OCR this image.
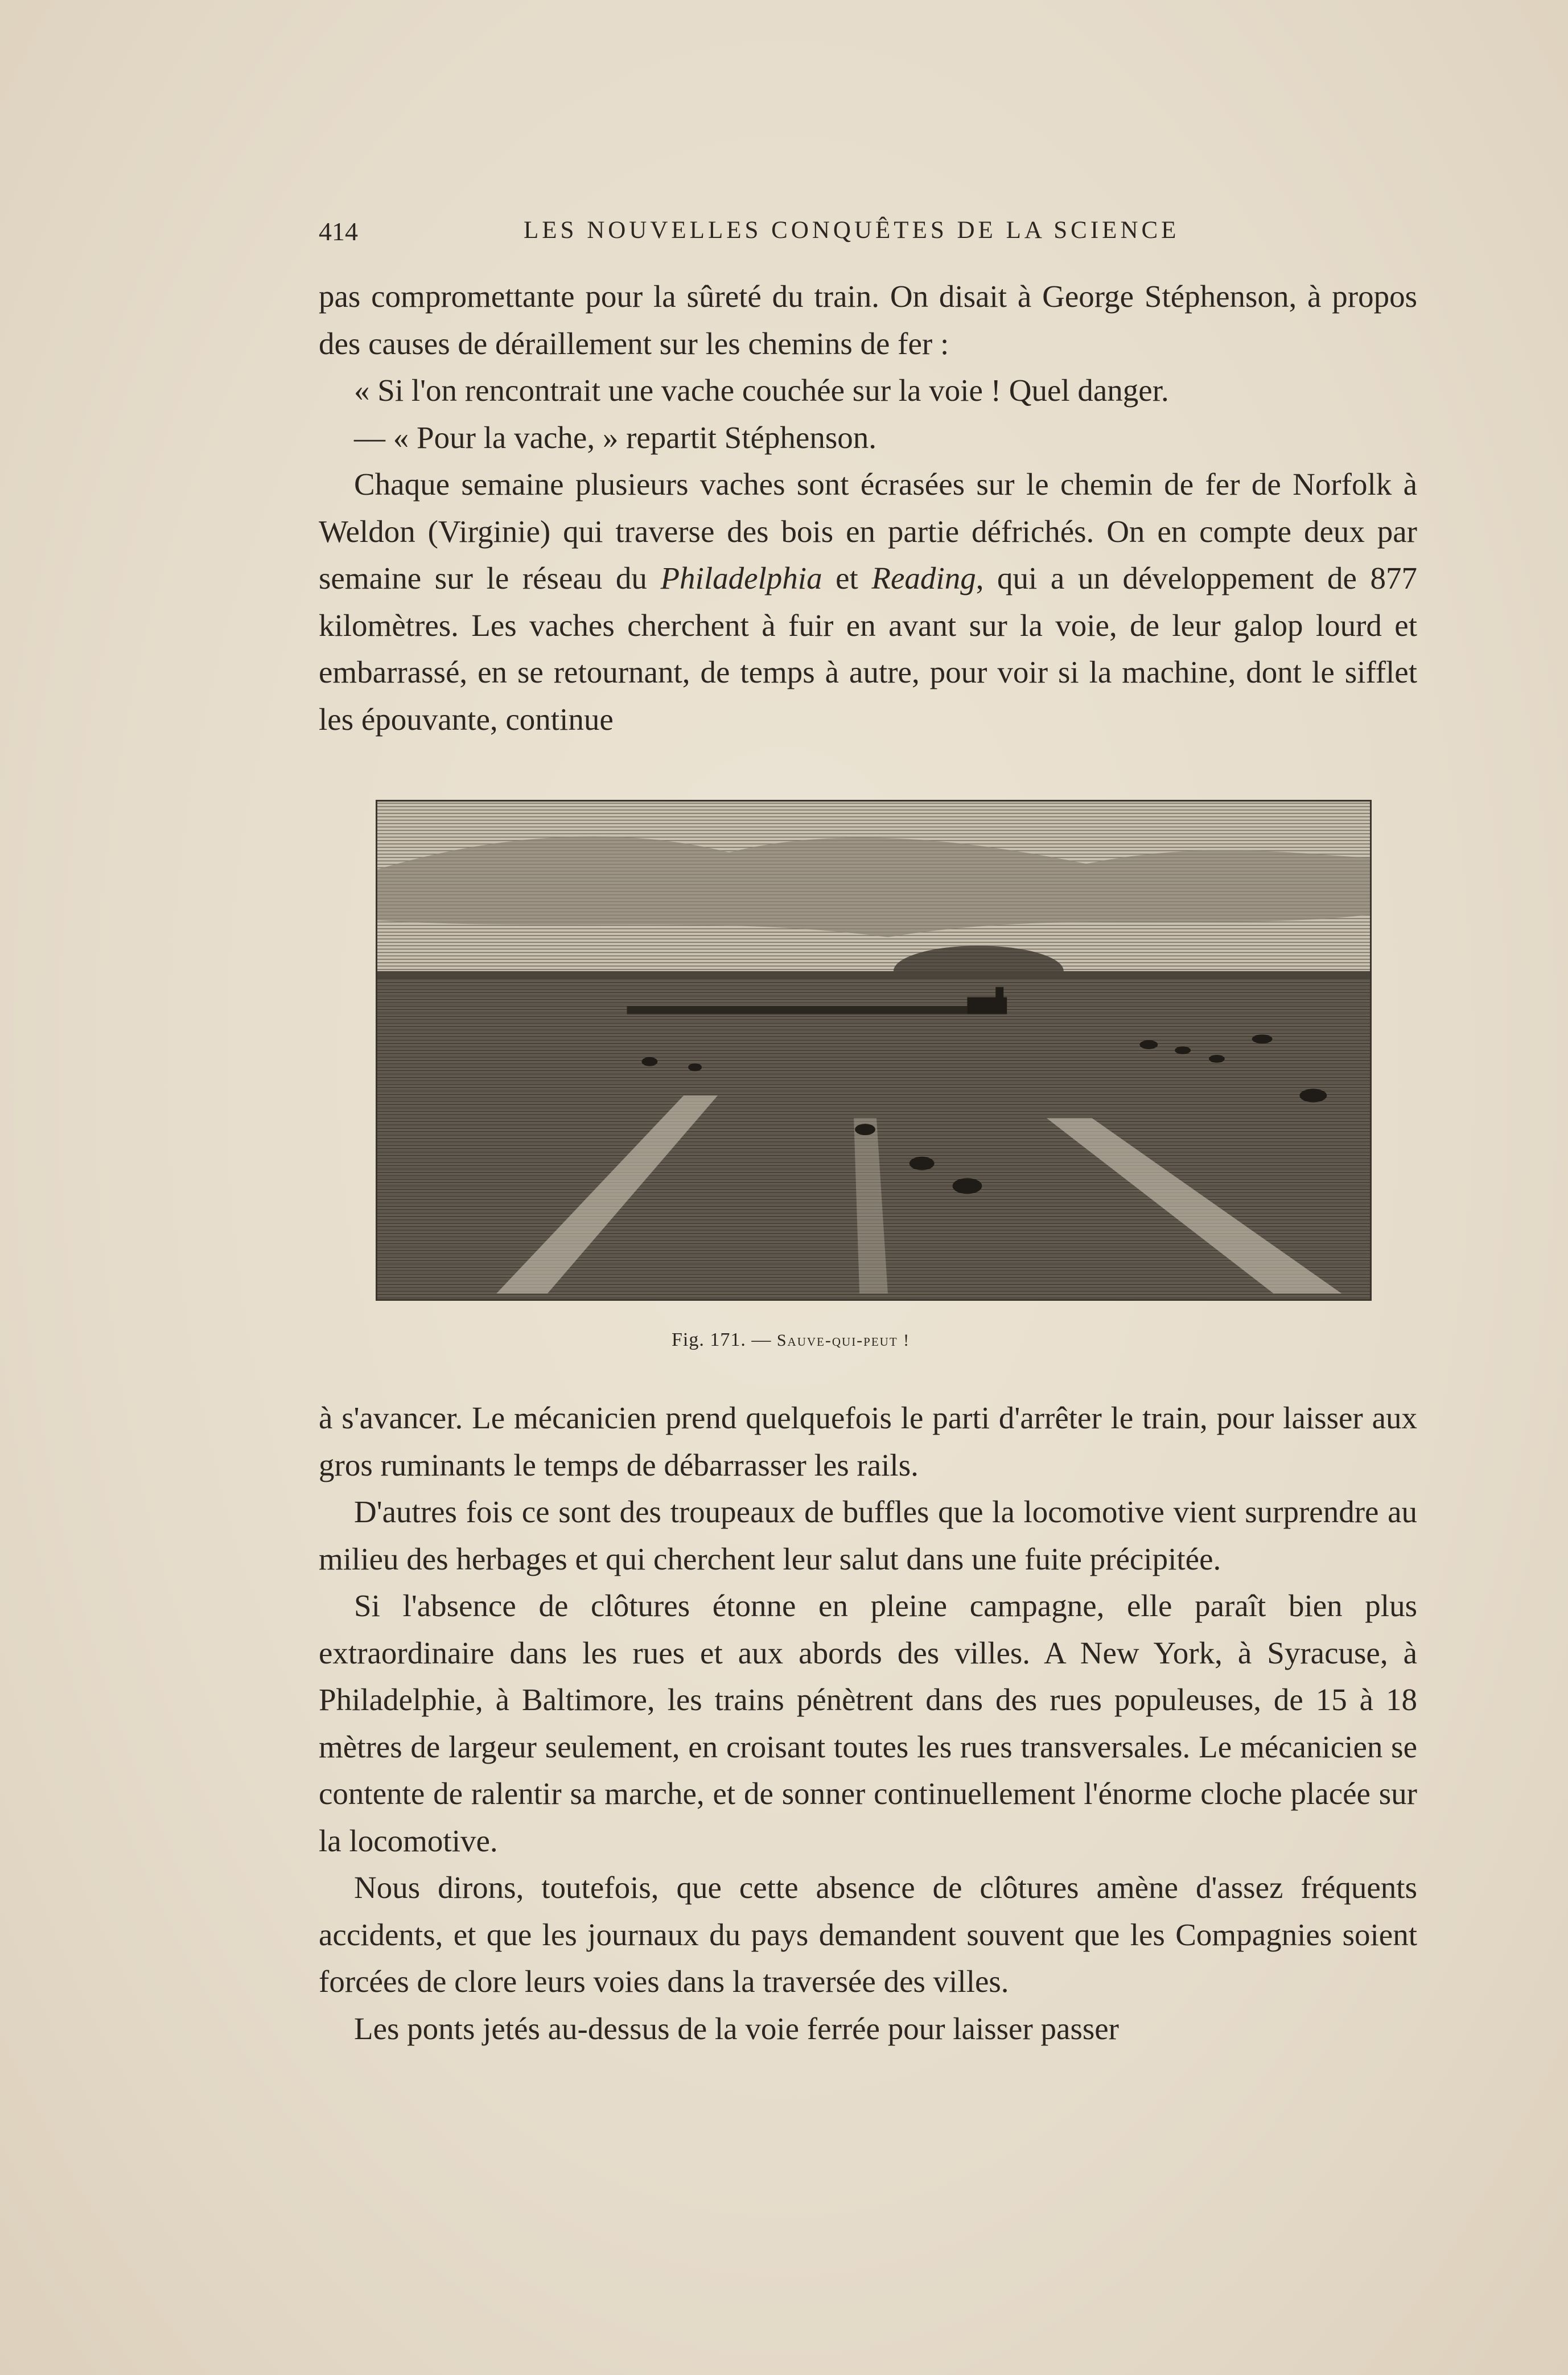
414	LES NOUVELLES CONQUÊTES DE LA SCIENCE

pas compromettante pour la sûreté du train. On disait à George Stéphenson, à propos des causes de déraillement sur les chemins de fer :

« Si l'on rencontrait une vache couchée sur la voie ! Quel danger.

— « Pour la vache, » repartit Stéphenson.

Chaque semaine plusieurs vaches sont écrasées sur le chemin de fer de Norfolk à Weldon (Virginie) qui traverse des bois en partie défrichés. On en compte deux par semaine sur le réseau du Philadelphia et Reading, qui a un développement de 877 kilomètres. Les vaches cherchent à fuir en avant sur la voie, de leur galop lourd et embarrassé, en se retournant, de temps à autre, pour voir si la machine, dont le sifflet les épouvante, continue

Fig. 171. — Sauve-qui-peut !

à s'avancer. Le mécanicien prend quelquefois le parti d'arrêter le train, pour laisser aux gros ruminants le temps de débarrasser les rails.

D'autres fois ce sont des troupeaux de buffles que la locomotive vient surprendre au milieu des herbages et qui cherchent leur salut dans une fuite précipitée.

Si l'absence de clôtures étonne en pleine campagne, elle paraît bien plus extraordinaire dans les rues et aux abords des villes. A New York, à Syracuse, à Philadelphie, à Baltimore, les trains pénètrent dans des rues populeuses, de 15 à 18 mètres de largeur seulement, en croisant toutes les rues transversales. Le mécanicien se contente de ralentir sa marche, et de sonner continuellement l'énorme cloche placée sur la locomotive.

Nous dirons, toutefois, que cette absence de clôtures amène d'assez fréquents accidents, et que les journaux du pays demandent souvent que les Compagnies soient forcées de clore leurs voies dans la traversée des villes.

Les ponts jetés au-dessus de la voie ferrée pour laisser passer
